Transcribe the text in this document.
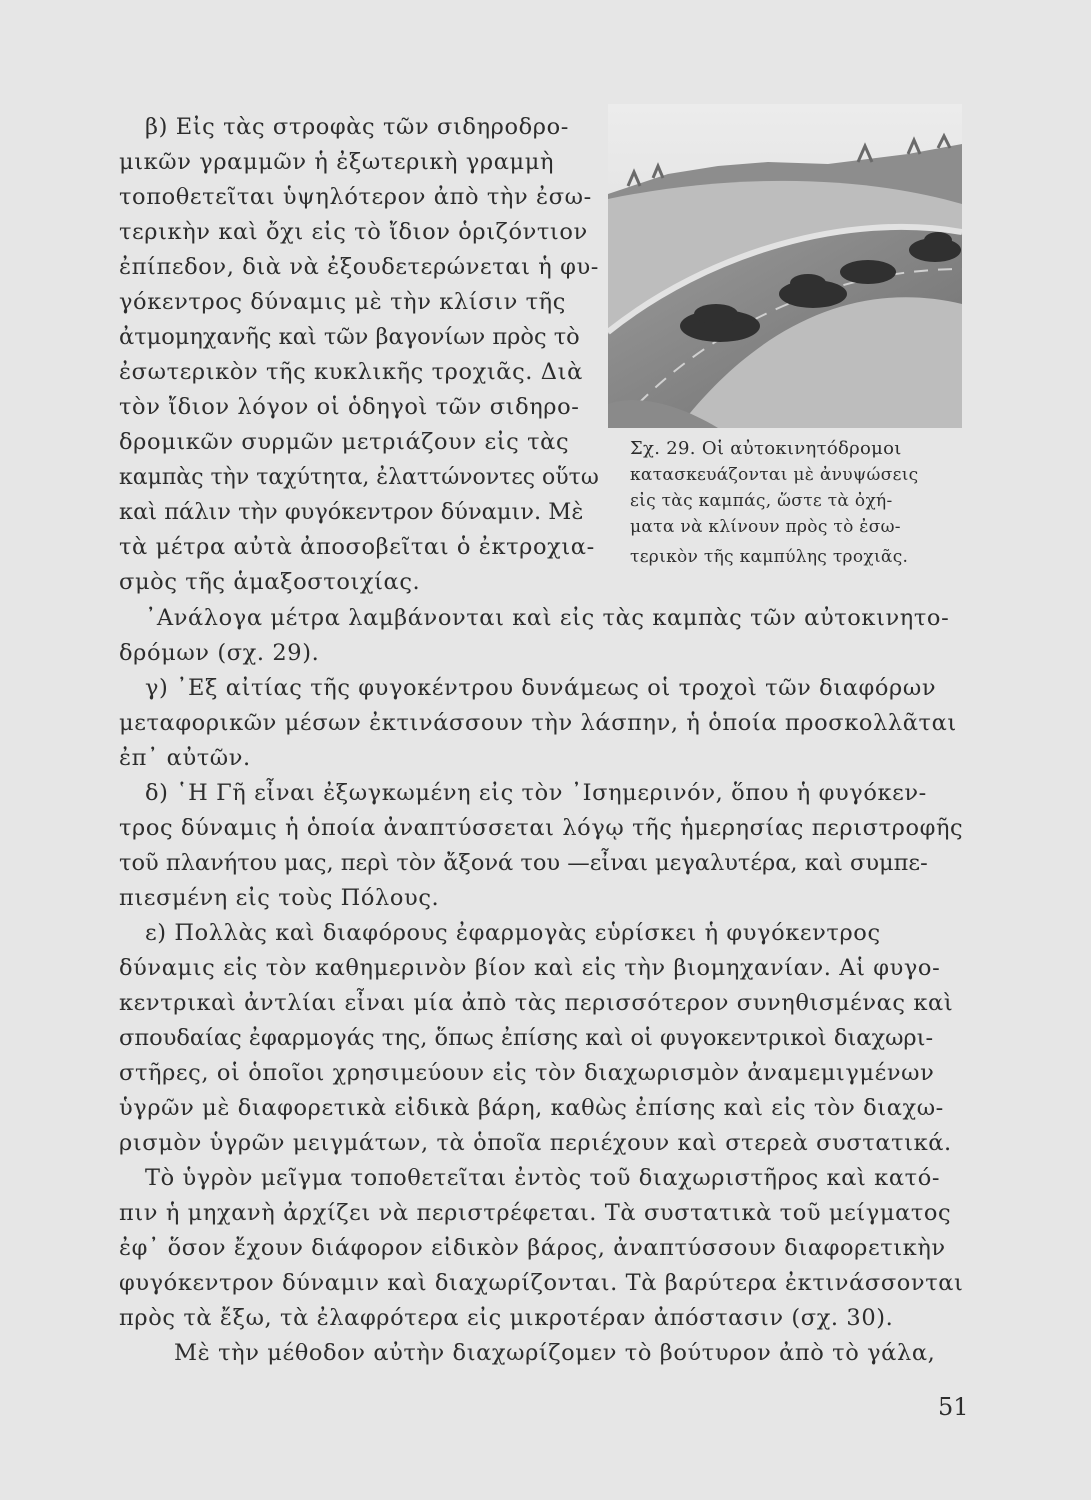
β) Εἰς τὰς στροφὰς τῶν σιδηροδρο-
μικῶν γραμμῶν ἡ ἐξωτερικὴ γραμμὴ
τοποθετεῖται ὑψηλότερον ἀπὸ τὴν ἐσω-
τερικὴν καὶ ὄχι εἰς τὸ ἴδιον ὁριζόντιον
ἐπίπεδον, διὰ νὰ ἐξουδετερώνεται ἡ φυ-
γόκεντρος δύναμις μὲ τὴν κλίσιν τῆς
ἀτμομηχανῆς καὶ τῶν βαγονίων πρὸς τὸ
ἐσωτερικὸν τῆς κυκλικῆς τροχιᾶς. Διὰ
τὸν ἴδιον λόγον οἱ ὁδηγοὶ τῶν σιδηρο-
δρομικῶν συρμῶν μετριάζουν εἰς τὰς
καμπὰς τὴν ταχύτητα, ἐλαττώνοντες οὕτω
καὶ πάλιν τὴν φυγόκεντρον δύναμιν. Μὲ
τὰ μέτρα αὐτὰ ἀποσοβεῖται ὁ ἐκτροχια-
σμὸς τῆς ἁμαξοστοιχίας.
Σχ. 29. Οἱ αὐτοκινητόδρομοι
κατασκευάζονται μὲ ἀνυψώσεις
εἰς τὰς καμπάς, ὥστε τὰ ὀχή-
ματα νὰ κλίνουν πρὸς τὸ ἐσω-
τερικὸν τῆς καμπύλης τροχιᾶς.
᾿Ανάλογα μέτρα λαμβάνονται καὶ εἰς τὰς καμπὰς τῶν αὐτοκινητο-
δρόμων (σχ. 29).
γ) ᾿Εξ αἰτίας τῆς φυγοκέντρου δυνάμεως οἱ τροχοὶ τῶν διαφόρων
μεταφορικῶν μέσων ἐκτινάσσουν τὴν λάσπην, ἡ ὁποία προσκολλᾶται
ἐπ᾿ αὐτῶν.
δ) ῾Η Γῆ εἶναι ἐξωγκωμένη εἰς τὸν ᾿Ισημερινόν, ὅπου ἡ φυγόκεν-
τρος δύναμις ἡ ὁποία ἀναπτύσσεται λόγῳ τῆς ἡμερησίας περιστροφῆς
τοῦ πλανήτου μας, περὶ τὸν ἄξονά του —εἶναι μεγαλυτέρα, καὶ συμπε-
πιεσμένη εἰς τοὺς Πόλους.
ε) Πολλὰς καὶ διαφόρους ἐφαρμογὰς εὑρίσκει ἡ φυγόκεντρος
δύναμις εἰς τὸν καθημερινὸν βίον καὶ εἰς τὴν βιομηχανίαν. Αἱ φυγο-
κεντρικαὶ ἀντλίαι εἶναι μία ἀπὸ τὰς περισσότερον συνηθισμένας καὶ
σπουδαίας ἐφαρμογάς της, ὅπως ἐπίσης καὶ οἱ φυγοκεντρικοὶ διαχωρι-
στῆρες, οἱ ὁποῖοι χρησιμεύουν εἰς τὸν διαχωρισμὸν ἀναμεμιγμένων
ὑγρῶν μὲ διαφορετικὰ εἰδικὰ βάρη, καθὼς ἐπίσης καὶ εἰς τὸν διαχω-
ρισμὸν ὑγρῶν μειγμάτων, τὰ ὁποῖα περιέχουν καὶ στερεὰ συστατικά.
Τὸ ὑγρὸν μεῖγμα τοποθετεῖται ἐντὸς τοῦ διαχωριστῆρος καὶ κατό-
πιν ἡ μηχανὴ ἀρχίζει νὰ περιστρέφεται. Τὰ συστατικὰ τοῦ μείγματος
ἐφ᾿ ὅσον ἔχουν διάφορον εἰδικὸν βάρος, ἀναπτύσσουν διαφορετικὴν
φυγόκεντρον δύναμιν καὶ διαχωρίζονται. Τὰ βαρύτερα ἐκτινάσσονται
πρὸς τὰ ἔξω, τὰ ἐλαφρότερα εἰς μικροτέραν ἀπόστασιν (σχ. 30).
Μὲ τὴν μέθοδον αὐτὴν διαχωρίζομεν τὸ βούτυρον ἀπὸ τὸ γάλα,
51
